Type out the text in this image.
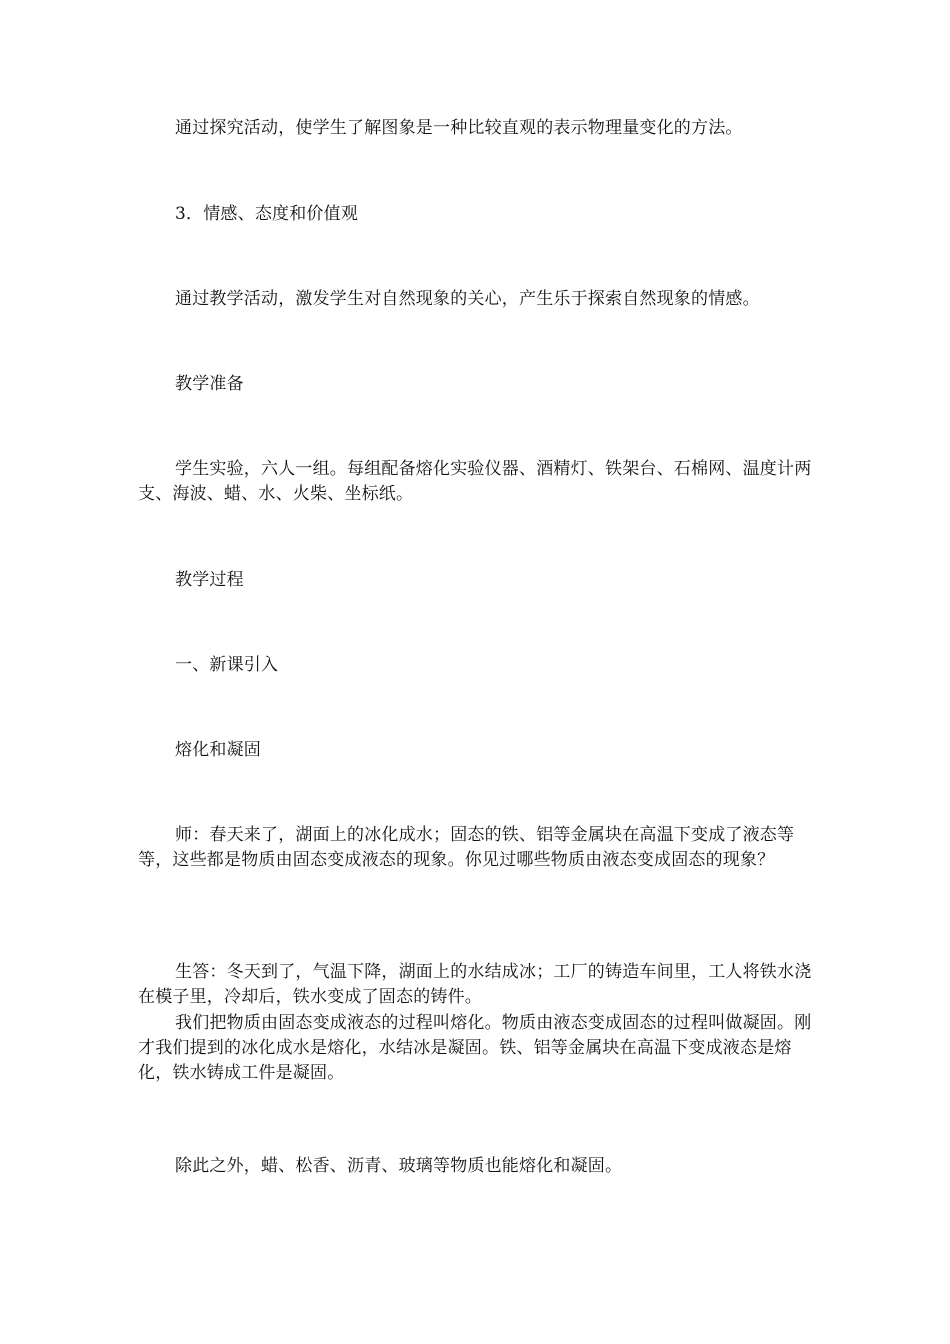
通过探究活动，使学生了解图象是一种比较直观的表示物理量变化的方法。

3．情感、态度和价值观

通过教学活动，激发学生对自然现象的关心，产生乐于探索自然现象的情感。

教学准备

学生实验，六人一组。每组配备熔化实验仪器、酒精灯、铁架台、石棉网、温度计两支、海波、蜡、水、火柴、坐标纸。

教学过程

一、新课引入

熔化和凝固

师：春天来了，湖面上的冰化成水；固态的铁、铝等金属块在高温下变成了液态等等，这些都是物质由固态变成液态的现象。你见过哪些物质由液态变成固态的现象？

生答：冬天到了，气温下降，湖面上的水结成冰；工厂的铸造车间里，工人将铁水浇在模子里，冷却后，铁水变成了固态的铸件。

我们把物质由固态变成液态的过程叫熔化。物质由液态变成固态的过程叫做凝固。刚才我们提到的冰化成水是熔化，水结冰是凝固。铁、铝等金属块在高温下变成液态是熔化，铁水铸成工件是凝固。

除此之外，蜡、松香、沥青、玻璃等物质也能熔化和凝固。
